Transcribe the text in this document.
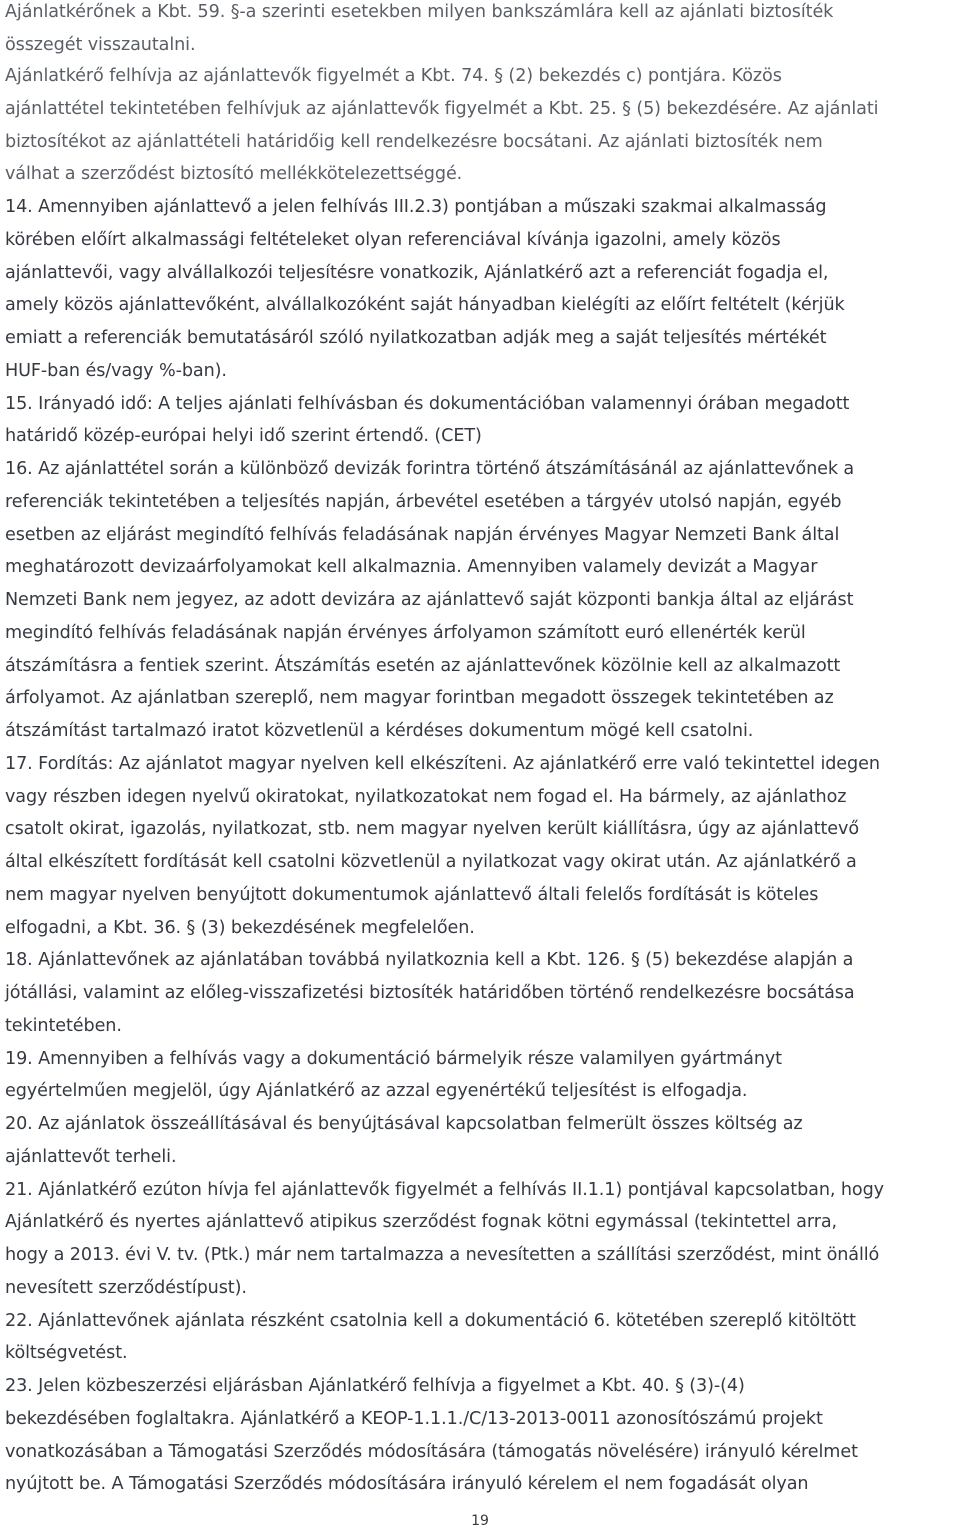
Ajánlatkérőnek a Kbt. 59. §-a szerinti esetekben milyen bankszámlára kell az ajánlati biztosíték
összegét visszautalni.
Ajánlatkérő felhívja az ajánlattevők figyelmét a Kbt. 74. § (2) bekezdés c) pontjára. Közös
ajánlattétel tekintetében felhívjuk az ajánlattevők figyelmét a Kbt. 25. § (5) bekezdésére. Az ajánlati
biztosítékot az ajánlattételi határidőig kell rendelkezésre bocsátani. Az ajánlati biztosíték nem
válhat a szerződést biztosító mellékkötelezettséggé.
14. Amennyiben ajánlattevő a jelen felhívás III.2.3) pontjában a műszaki szakmai alkalmasság
körében előírt alkalmassági feltételeket olyan referenciával kívánja igazolni, amely közös
ajánlattevői, vagy alvállalkozói teljesítésre vonatkozik, Ajánlatkérő azt a referenciát fogadja el,
amely közös ajánlattevőként, alvállalkozóként saját hányadban kielégíti az előírt feltételt (kérjük
emiatt a referenciák bemutatásáról szóló nyilatkozatban adják meg a saját teljesítés mértékét
HUF-ban és/vagy %-ban).
15. Irányadó idő: A teljes ajánlati felhívásban és dokumentációban valamennyi órában megadott
határidő közép-európai helyi idő szerint értendő. (CET)
16. Az ajánlattétel során a különböző devizák forintra történő átszámításánál az ajánlattevőnek a
referenciák tekintetében a teljesítés napján, árbevétel esetében a tárgyév utolsó napján, egyéb
esetben az eljárást megindító felhívás feladásának napján érvényes Magyar Nemzeti Bank által
meghatározott devizaárfolyamokat kell alkalmaznia. Amennyiben valamely devizát a Magyar
Nemzeti Bank nem jegyez, az adott devizára az ajánlattevő saját központi bankja által az eljárást
megindító felhívás feladásának napján érvényes árfolyamon számított euró ellenérték kerül
átszámításra a fentiek szerint. Átszámítás esetén az ajánlattevőnek közölnie kell az alkalmazott
árfolyamot. Az ajánlatban szereplő, nem magyar forintban megadott összegek tekintetében az
átszámítást tartalmazó iratot közvetlenül a kérdéses dokumentum mögé kell csatolni.
17. Fordítás: Az ajánlatot magyar nyelven kell elkészíteni. Az ajánlatkérő erre való tekintettel idegen
vagy részben idegen nyelvű okiratokat, nyilatkozatokat nem fogad el. Ha bármely, az ajánlathoz
csatolt okirat, igazolás, nyilatkozat, stb. nem magyar nyelven került kiállításra, úgy az ajánlattevő
által elkészített fordítását kell csatolni közvetlenül a nyilatkozat vagy okirat után. Az ajánlatkérő a
nem magyar nyelven benyújtott dokumentumok ajánlattevő általi felelős fordítását is köteles
elfogadni, a Kbt. 36. § (3) bekezdésének megfelelően.
18. Ajánlattevőnek az ajánlatában továbbá nyilatkoznia kell a Kbt. 126. § (5) bekezdése alapján a
jótállási, valamint az előleg-visszafizetési biztosíték határidőben történő rendelkezésre bocsátása
tekintetében.
19. Amennyiben a felhívás vagy a dokumentáció bármelyik része valamilyen gyártmányt
egyértelműen megjelöl, úgy Ajánlatkérő az azzal egyenértékű teljesítést is elfogadja.
20. Az ajánlatok összeállításával és benyújtásával kapcsolatban felmerült összes költség az
ajánlattevőt terheli.
21. Ajánlatkérő ezúton hívja fel ajánlattevők figyelmét a felhívás II.1.1) pontjával kapcsolatban, hogy
Ajánlatkérő és nyertes ajánlattevő atipikus szerződést fognak kötni egymással (tekintettel arra,
hogy a 2013. évi V. tv. (Ptk.) már nem tartalmazza a nevesítetten a szállítási szerződést, mint önálló
nevesített szerződéstípust).
22. Ajánlattevőnek ajánlata részként csatolnia kell a dokumentáció 6. kötetében szereplő kitöltött
költségvetést.
23. Jelen közbeszerzési eljárásban Ajánlatkérő felhívja a figyelmet a Kbt. 40. § (3)-(4)
bekezdésében foglaltakra. Ajánlatkérő a KEOP-1.1.1./C/13-2013-0011 azonosítószámú projekt
vonatkozásában a Támogatási Szerződés módosítására (támogatás növelésére) irányuló kérelmet
nyújtott be. A Támogatási Szerződés módosítására irányuló kérelem el nem fogadását olyan
19
